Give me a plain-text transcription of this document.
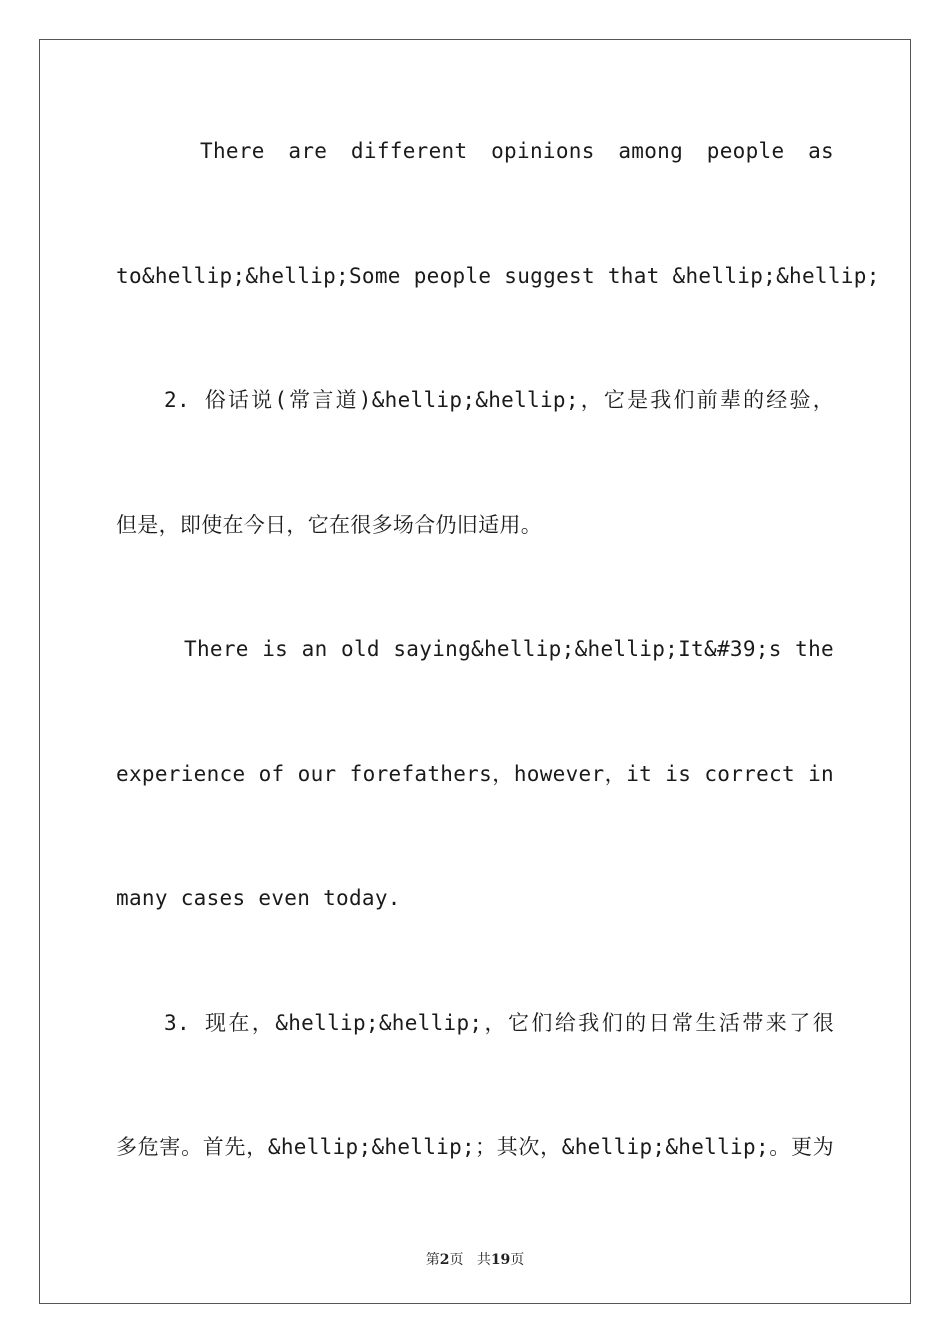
There are different opinions among people as
to&hellip;&hellip;Some people suggest that &hellip;&hellip;
2. 俗话说(常言道)&hellip;&hellip;，它是我们前辈的经验，
但是，即使在今日，它在很多场合仍旧适用。
There is an old saying&hellip;&hellip;It&#39;s the
experience of our forefathers，however，it is correct in
many cases even today.
3. 现在，&hellip;&hellip;，它们给我们的日常生活带来了很
多危害。首先，&hellip;&hellip;；其次，&hellip;&hellip;。更为
第2页 共19页
